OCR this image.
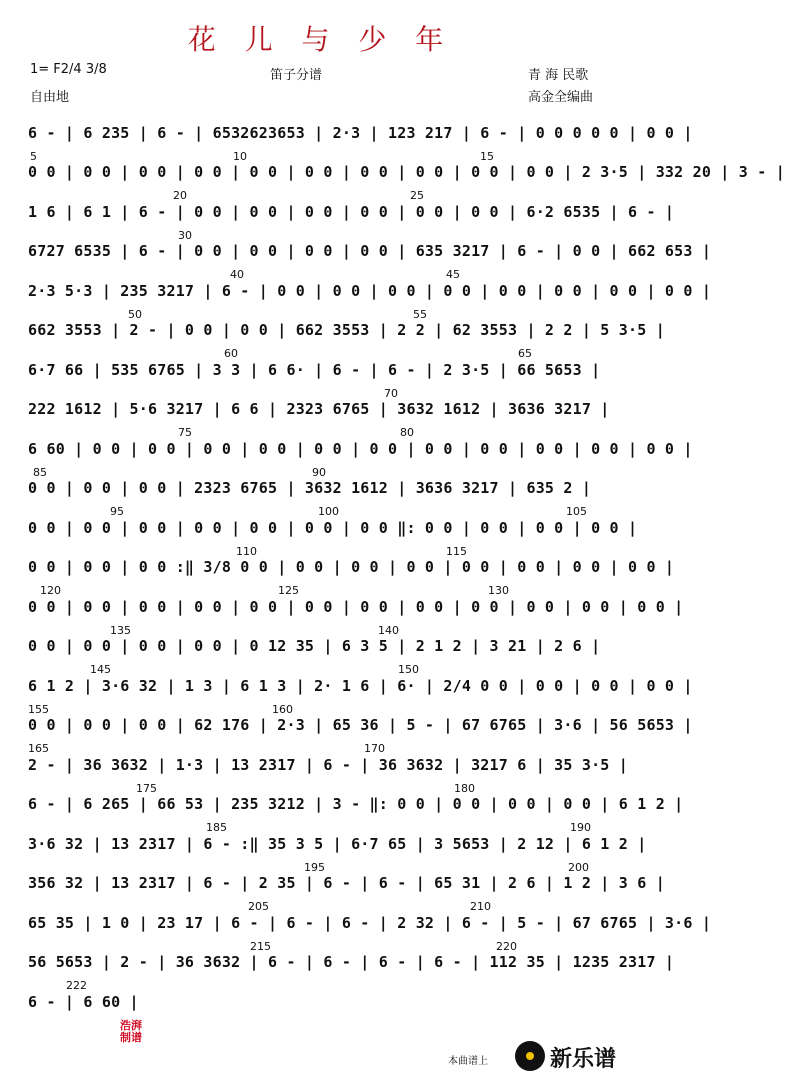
花 儿 与 少 年
1= F2/4 3/8
自由地
笛子分谱	青 海 民歌
高金全编曲
6 - | 6 235 | 6 - | 6532623653 | 2·3 | 123 217 | 6 - | 0 0 0 0 0 | 0 0 |
5	10	15
0 0 | 0 0 | 0 0 | 0 0 | 0 0 | 0 0 | 0 0 | 0 0 | 0 0 | 0 0 | 2 3·5 | 332 20 | 3 - |
20	25
1 6 | 6 1 | 6 - | 0 0 | 0 0 | 0 0 | 0 0 | 0 0 | 0 0 | 6·2 6535 | 6 - |
30
6727 6535 | 6 - | 0 0 | 0 0 | 0 0 | 0 0 | 635 3217 | 6 - | 0 0 | 662 653 |
40	45
2·3 5·3 | 235 3217 | 6 - | 0 0 | 0 0 | 0 0 | 0 0 | 0 0 | 0 0 | 0 0 | 0 0 |
50	55
662 3553 | 2 - | 0 0 | 0 0 | 662 3553 | 2 2 | 62 3553 | 2 2 | 5 3·5 |
60	65
6·7 66 | 535 6765 | 3 3 | 6 6· | 6 - | 6 - | 2 3·5 | 66 5653 |
70
222 1612 | 5·6 3217 | 6 6 | 2323 6765 | 3632 1612 | 3636 3217 |
75	80
6 60 | 0 0 | 0 0 | 0 0 | 0 0 | 0 0 | 0 0 | 0 0 | 0 0 | 0 0 | 0 0 | 0 0 |
85	90
0 0 | 0 0 | 0 0 | 2323 6765 | 3632 1612 | 3636 3217 | 635 2 |
95	100	105
0 0 | 0 0 | 0 0 | 0 0 | 0 0 | 0 0 | 0 0 ‖: 0 0 | 0 0 | 0 0 | 0 0 |
110	115
0 0 | 0 0 | 0 0 :‖ 3/8 0 0 | 0 0 | 0 0 | 0 0 | 0 0 | 0 0 | 0 0 | 0 0 |
120	125	130
0 0 | 0 0 | 0 0 | 0 0 | 0 0 | 0 0 | 0 0 | 0 0 | 0 0 | 0 0 | 0 0 | 0 0 |
135	140
0 0 | 0 0 | 0 0 | 0 0 | 0 12 35 | 6 3 5 | 2 1 2 | 3 21 | 2 6 |
145	150
6 1 2 | 3·6 32 | 1 3 | 6 1 3 | 2· 1 6 | 6· | 2/4 0 0 | 0 0 | 0 0 | 0 0 |
155	160
0 0 | 0 0 | 0 0 | 62 176 | 2·3 | 65 36 | 5 - | 67 6765 | 3·6 | 56 5653 |
165	170
2 - | 36 3632 | 1·3 | 13 2317 | 6 - | 36 3632 | 3217 6 | 35 3·5 |
175	180
6 - | 6 265 | 66 53 | 235 3212 | 3 - ‖: 0 0 | 0 0 | 0 0 | 0 0 | 6 1 2 |
185	190
3·6 32 | 13 2317 | 6 - :‖ 35 3 5 | 6·7 65 | 3 5653 | 2 12 | 6 1 2 |
195	200
356 32 | 13 2317 | 6 - | 2 35 | 6 - | 6 - | 65 31 | 2 6 | 1 2 | 3 6 |
205	210
65 35 | 1 0 | 23 17 | 6 - | 6 - | 6 - | 2 32 | 6 - | 5 - | 67 6765 | 3·6 |
215	220
56 5653 | 2 - | 36 3632 | 6 - | 6 - | 6 - | 6 - | 112 35 | 1235 2317 |
222
6 - | 6 60 |
浩湃制谱
本曲谱上	新乐谱
